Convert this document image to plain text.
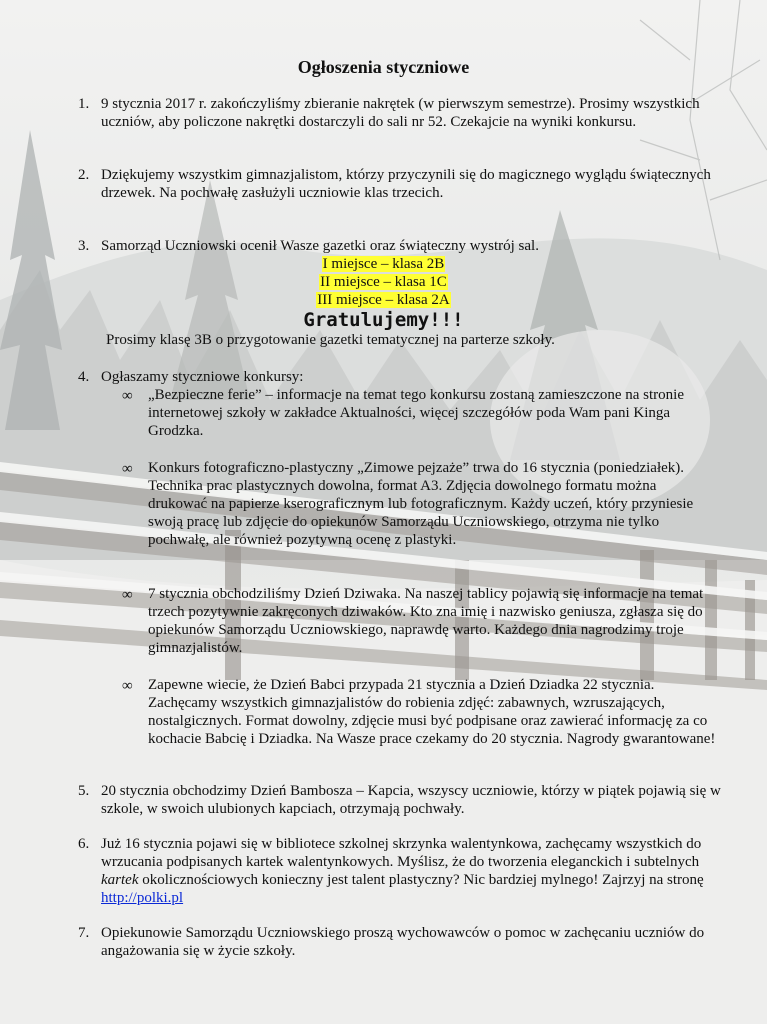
Ogłoszenia styczniowe
1. 9 stycznia 2017 r. zakończyliśmy zbieranie nakrętek (w pierwszym semestrze). Prosimy wszystkich uczniów, aby policzone nakrętki dostarczyli do sali nr 52. Czekajcie na wyniki konkursu.
2. Dziękujemy wszystkim gimnazjalistom, którzy przyczynili się do magicznego wyglądu świątecznych drzewek. Na pochwałę zasłużyli uczniowie klas trzecich.
3. Samorząd Uczniowski ocenił Wasze gazetki oraz świąteczny wystrój sal.
I miejsce – klasa 2B
II miejsce – klasa 1C
III miejsce – klasa 2A
Gratulujemy!!!
Prosimy klasę 3B o przygotowanie gazetki tematycznej na parterze szkoły.
4. Ogłaszamy styczniowe konkursy:
∞ „Bezpieczne ferie” – informacje na temat tego konkursu zostaną zamieszczone na stronie internetowej szkoły w zakładce Aktualności, więcej szczegółów poda Wam pani Kinga Grodzka.
∞ Konkurs fotograficzno-plastyczny „Zimowe pejzaże” trwa do 16 stycznia (poniedziałek). Technika prac plastycznych dowolna, format A3. Zdjęcia dowolnego formatu można drukować na papierze kserograficznym lub fotograficznym. Każdy uczeń, który przyniesie swoją pracę lub zdjęcie do opiekunów Samorządu Uczniowskiego, otrzyma nie tylko pochwałę, ale również pozytywną ocenę z plastyki.
∞ 7 stycznia obchodziliśmy Dzień Dziwaka. Na naszej tablicy pojawią się informacje na temat trzech pozytywnie zakręconych dziwaków. Kto zna imię i nazwisko geniusza, zgłasza się do opiekunów Samorządu Uczniowskiego, naprawdę warto. Każdego dnia nagrodzimy troje gimnazjalistów.
∞ Zapewne wiecie, że Dzień Babci przypada 21 stycznia a Dzień Dziadka 22 stycznia. Zachęcamy wszystkich gimnazjalistów do robienia zdjęć: zabawnych, wzruszających, nostalgicznych. Format dowolny, zdjęcie musi być podpisane oraz zawierać informację za co kochacie Babcię i Dziadka. Na Wasze prace czekamy do 20 stycznia. Nagrody gwarantowane!
5. 20 stycznia obchodzimy Dzień Bambosza – Kapcia, wszyscy uczniowie, którzy w piątek pojawią się w szkole, w swoich ulubionych kapciach, otrzymają pochwały.
6. Już 16 stycznia pojawi się w bibliotece szkolnej skrzynka walentynkowa, zachęcamy wszystkich do wrzucania podpisanych kartek walentynkowych. Myślisz, że do tworzenia eleganckich i subtelnych kartek okolicznościowych konieczny jest talent plastyczny? Nic bardziej mylnego! Zajrzyj na stronę http://polki.pl
7. Opiekunowie Samorządu Uczniowskiego proszą wychowawców o pomoc w zachęcaniu uczniów do angażowania się w życie szkoły.
